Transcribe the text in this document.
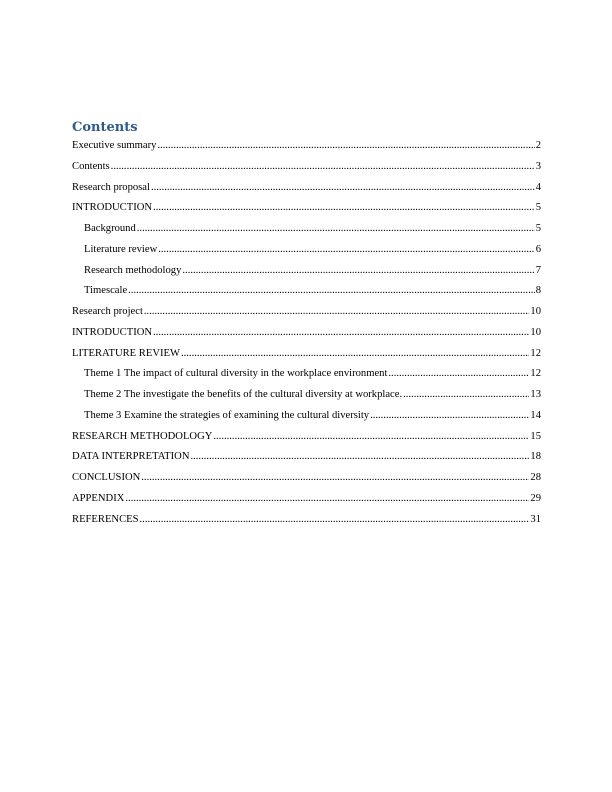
Contents
Executive summary .....	2
Contents .....	3
Research proposal .....	4
INTRODUCTION .....	5
Background .....	5
Literature review .....	6
Research methodology .....	7
Timescale .....	8
Research project .....	10
INTRODUCTION .....	10
LITERATURE REVIEW .....	12
Theme 1 The impact of cultural diversity in the workplace environment .....	12
Theme 2 The investigate the benefits of the cultural diversity at workplace. .....	13
Theme 3 Examine the strategies of examining the cultural diversity .....	14
RESEARCH METHODOLOGY .....	15
DATA INTERPRETATION .....	18
CONCLUSION .....	28
APPENDIX .....	29
REFERENCES .....	31
